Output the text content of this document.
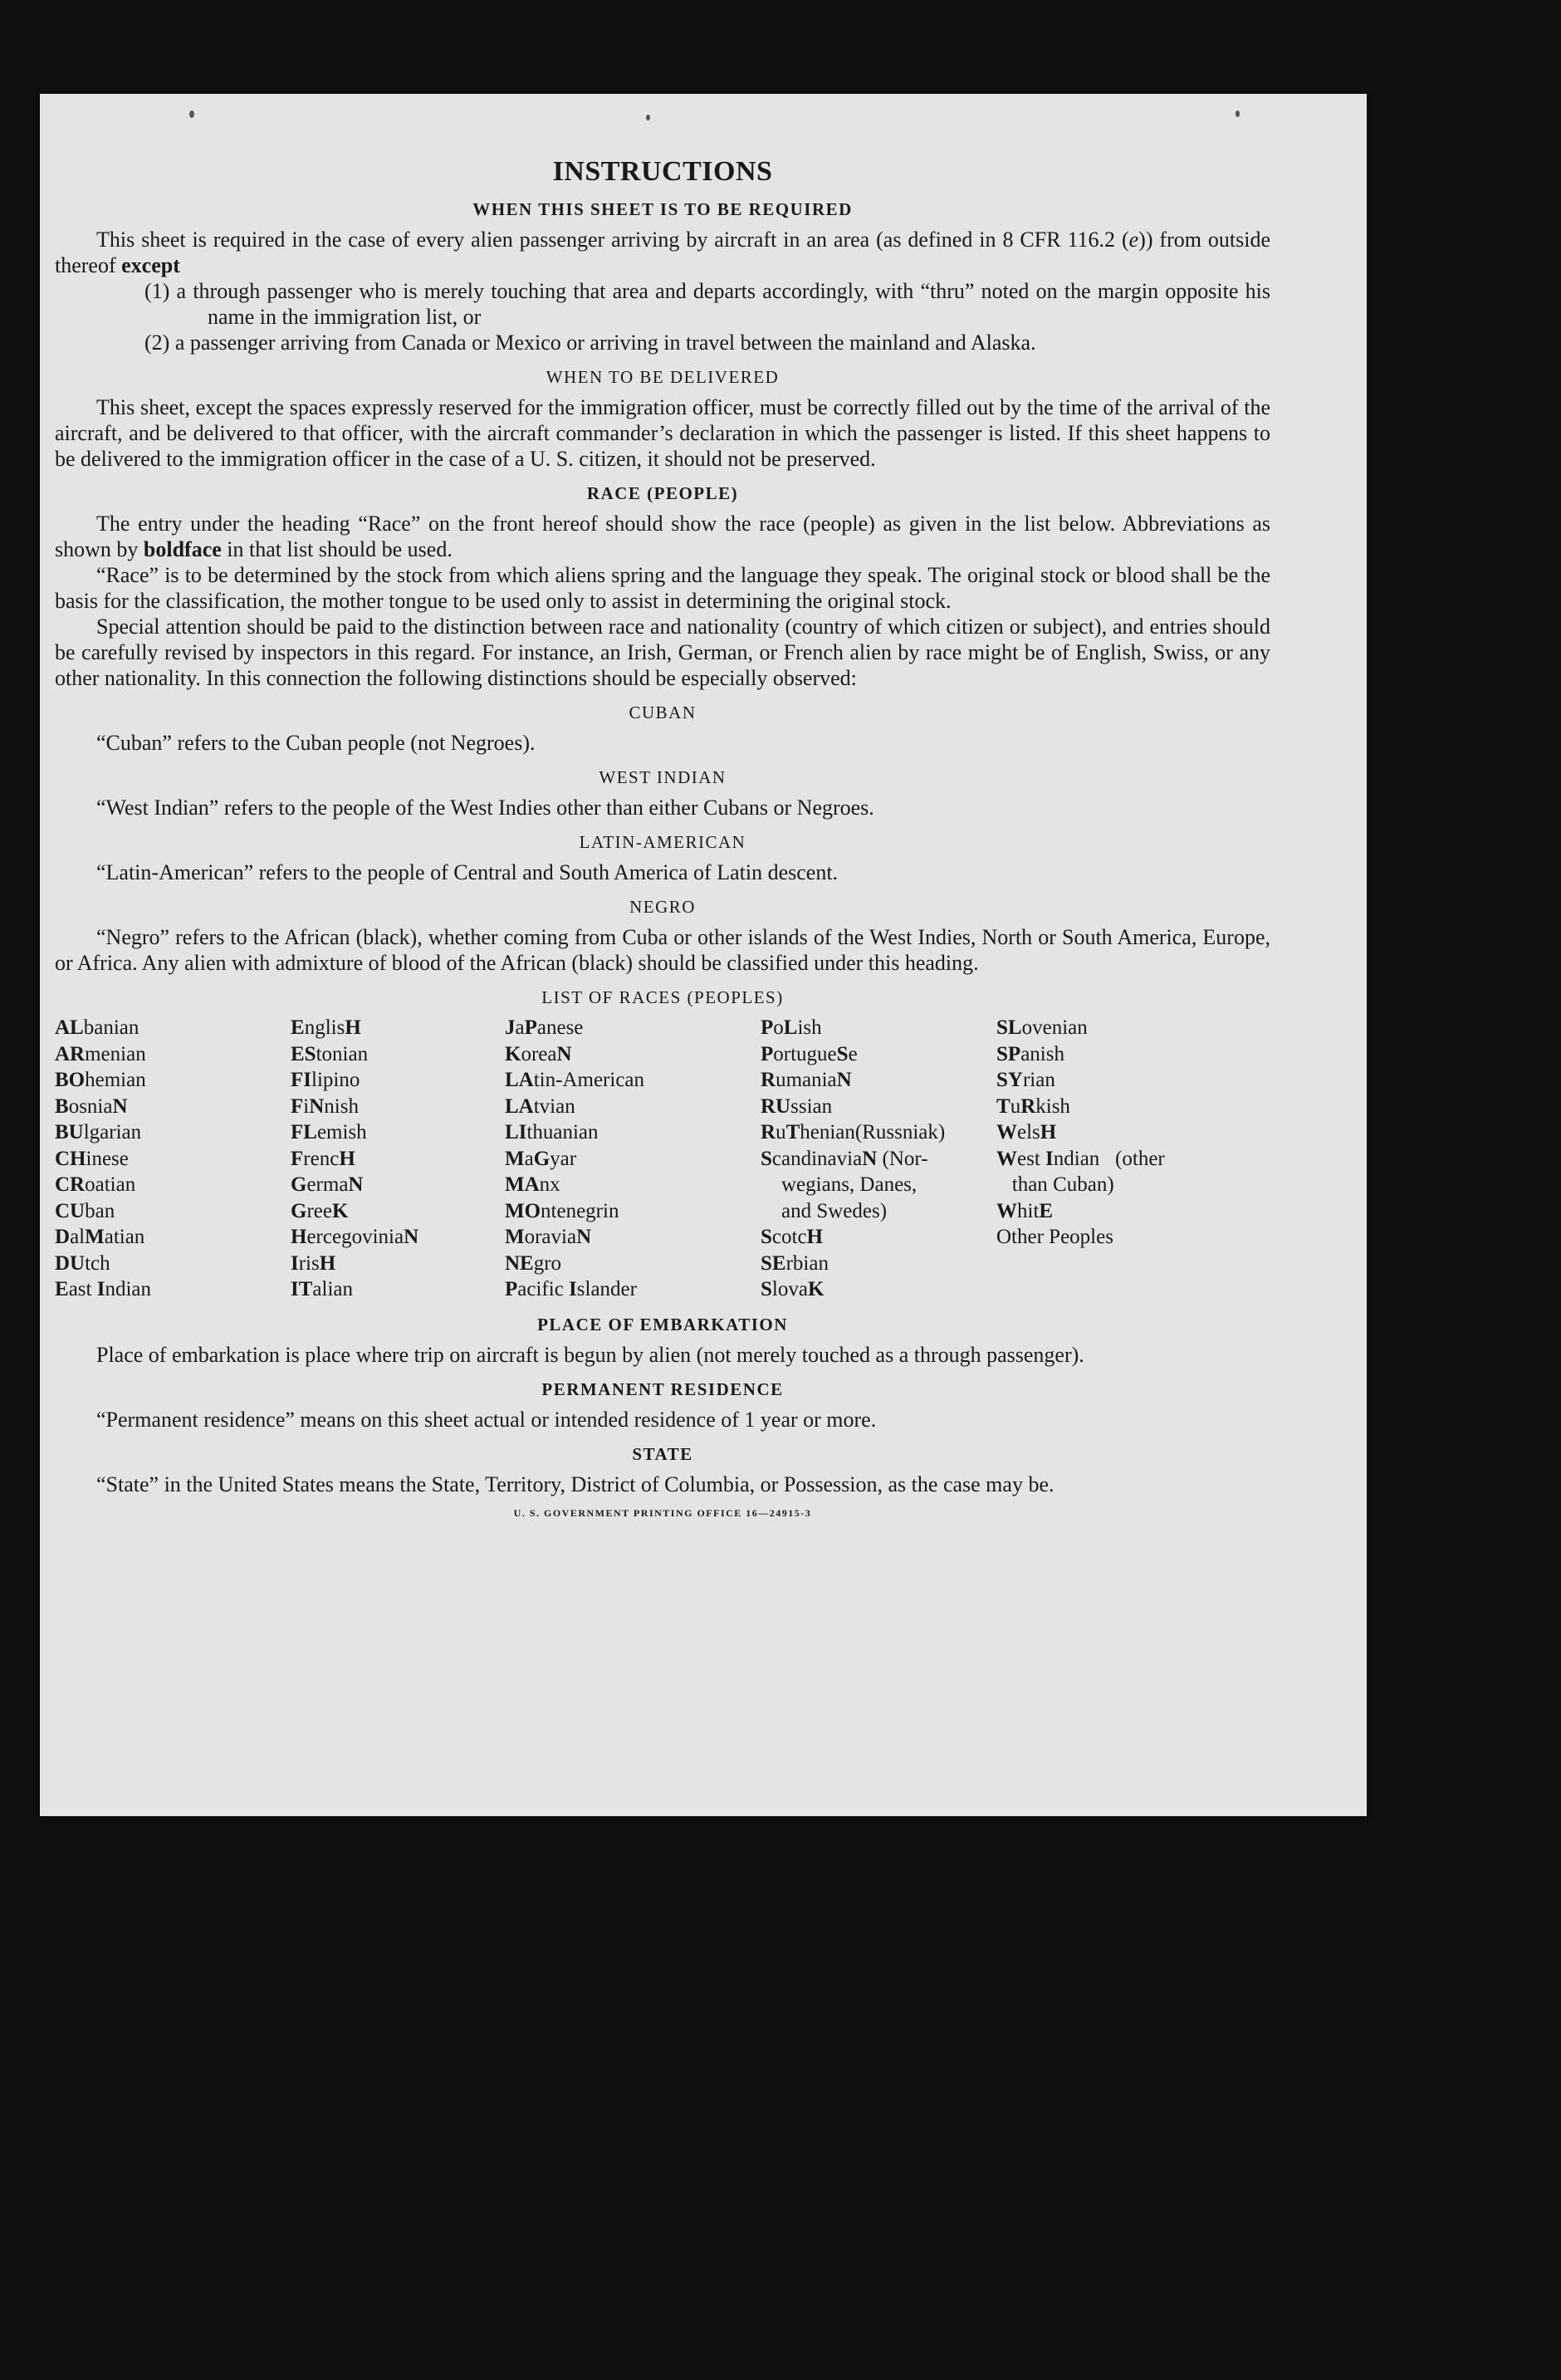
INSTRUCTIONS
WHEN THIS SHEET IS TO BE REQUIRED

This sheet is required in the case of every alien passenger arriving by aircraft in an area (as defined in 8 CFR 116.2 (e)) from outside thereof except

(1) a through passenger who is merely touching that area and departs accordingly, with “thru” noted on the margin opposite his name in the immigration list, or

(2) a passenger arriving from Canada or Mexico or arriving in travel between the mainland and Alaska.

WHEN TO BE DELIVERED

This sheet, except the spaces expressly reserved for the immigration officer, must be correctly filled out by the time of the arrival of the aircraft, and be delivered to that officer, with the aircraft commander’s declaration in which the passenger is listed. If this sheet happens to be delivered to the immigration officer in the case of a U. S. citizen, it should not be preserved.

RACE (PEOPLE)

The entry under the heading “Race” on the front hereof should show the race (people) as given in the list below. Abbreviations as shown by boldface in that list should be used.

“Race” is to be determined by the stock from which aliens spring and the language they speak. The original stock or blood shall be the basis for the classification, the mother tongue to be used only to assist in determining the original stock.

Special attention should be paid to the distinction between race and nationality (country of which citizen or subject), and entries should be carefully revised by inspectors in this regard. For instance, an Irish, German, or French alien by race might be of English, Swiss, or any other nationality. In this connection the following distinctions should be especially observed:

CUBAN

“Cuban” refers to the Cuban people (not Negroes).

WEST INDIAN

“West Indian” refers to the people of the West Indies other than either Cubans or Negroes.

LATIN-AMERICAN

“Latin-American” refers to the people of Central and South America of Latin descent.

NEGRO

“Negro” refers to the African (black), whether coming from Cuba or other islands of the West Indies, North or South America, Europe, or Africa. Any alien with admixture of blood of the African (black) should be classified under this heading.

LIST OF RACES (PEOPLES)
ALbanian
ARmenian
BOhemian
BosniaN
BUlgarian
CHinese
CRoatian
CUban
DalMatian
DUtch
East Indian
EnglisH
EStonian
FIlipino
FiNnish
FLemish
FrencH
GermaN
GreeK
HercegoviniaN
IrisH
ITalian
JaPanese
KoreaN
LAtin-American
LAtvian
LIthuanian
MaGyar
MAnx
MOntenegrin
MoraviaN
NEgro
Pacific Islander
PoLish
PortugueSe
RumaniaN
RUssian
RuThenian(Russniak)
ScandinaviaN (Nor-
wegians, Danes,
and Swedes)
ScotcH
SErbian
SlovaK
SLovenian
SPanish
SYrian
TuRkish
WelsH
West Indian   (other
than Cuban)
WhitE
Other Peoples
PLACE OF EMBARKATION

Place of embarkation is place where trip on aircraft is begun by alien (not merely touched as a through passenger).

PERMANENT RESIDENCE

“Permanent residence” means on this sheet actual or intended residence of 1 year or more.

STATE

“State” in the United States means the State, Territory, District of Columbia, or Possession, as the case may be.

U. S. GOVERNMENT PRINTING OFFICE 16—24915-3
